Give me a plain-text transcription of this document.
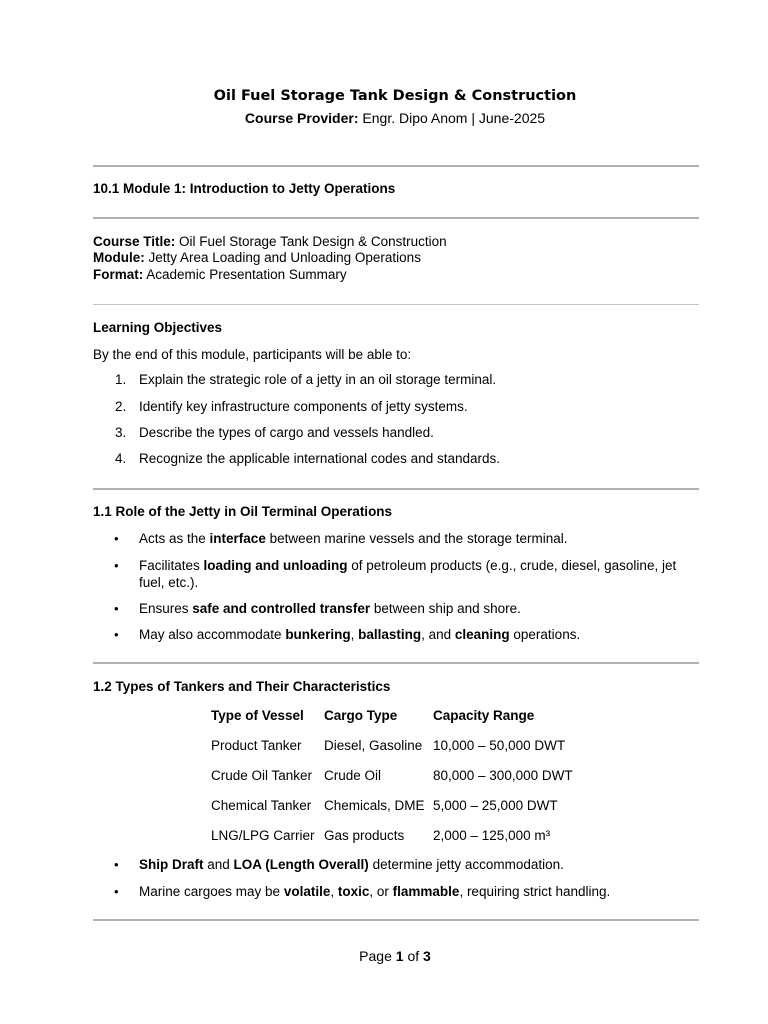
Oil Fuel Storage Tank Design & Construction
Course Provider: Engr. Dipo Anom | June-2025
10.1 Module 1: Introduction to Jetty Operations
Course Title: Oil Fuel Storage Tank Design & Construction
Module: Jetty Area Loading and Unloading Operations
Format: Academic Presentation Summary
Learning Objectives
By the end of this module, participants will be able to:
1. Explain the strategic role of a jetty in an oil storage terminal.
2. Identify key infrastructure components of jetty systems.
3. Describe the types of cargo and vessels handled.
4. Recognize the applicable international codes and standards.
1.1 Role of the Jetty in Oil Terminal Operations
• Acts as the interface between marine vessels and the storage terminal.
• Facilitates loading and unloading of petroleum products (e.g., crude, diesel, gasoline, jet fuel, etc.).
• Ensures safe and controlled transfer between ship and shore.
• May also accommodate bunkering, ballasting, and cleaning operations.
1.2 Types of Tankers and Their Characteristics
Type of Vessel Cargo Type	Capacity Range
Product Tanker Diesel, Gasoline 10,000 – 50,000 DWT
Crude Oil Tanker Crude Oil	80,000 – 300,000 DWT
Chemical Tanker Chemicals, DME 5,000 – 25,000 DWT
LNG/LPG Carrier Gas products 2,000 – 125,000 m³
• Ship Draft and LOA (Length Overall) determine jetty accommodation.
• Marine cargoes may be volatile, toxic, or flammable, requiring strict handling.
Page 1 of 3
